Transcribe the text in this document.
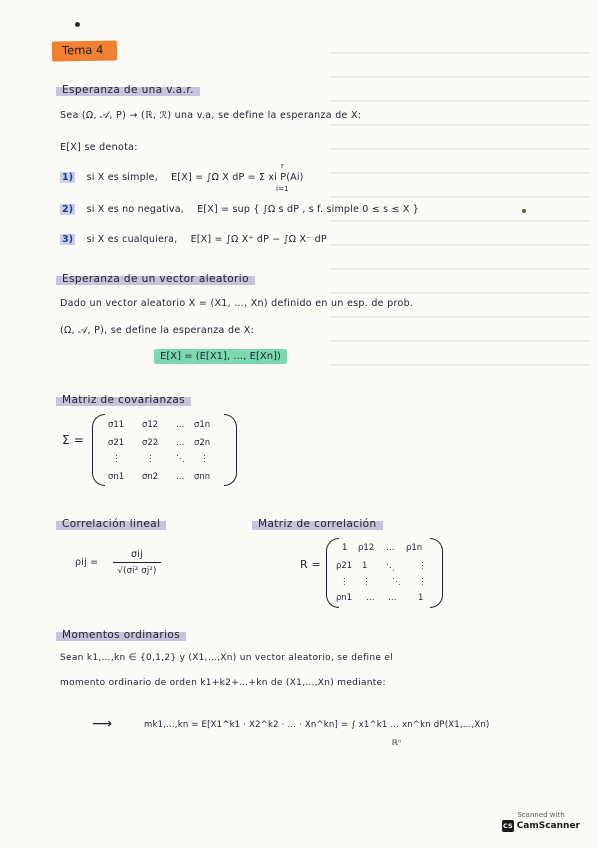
Tema 4
Esperanza de una v.a.r.
Sea (Ω, 𝒜, P) → (ℝ, ℛ) una v.a, se define la esperanza de X:
E[X] se denota:
1) si X es simple, E[X] = ∫Ω X dP = Σ xi P(Ai)
r
i=1
2) si X es no negativa, E[X] = sup { ∫Ω s dP , s f. simple 0 ≤ s ≤ X }
3) si X es cualquiera, E[X] = ∫Ω X⁺ dP − ∫Ω X⁻ dP
Esperanza de un vector aleatorio
Dado un vector aleatorio X = (X1, …, Xn) definido en un esp. de prob.
(Ω, 𝒜, P), se define la esperanza de X:
E[X] = (E[X1], …, E[Xn])
Matriz de covarianzas
Σ =
σ11 σ12 … σ1n
σ21 σ22 … σ2n
⋮	⋮	⋱ ⋮
σn1 σn2 … σnn
Correlación lineal
ρij =
σij
√(σi² σj²)
Matriz de correlación
R =
1 ρ12 … ρ1n
ρ21 1 ⋱	⋮
⋮ ⋮	⋱ ⋮
ρn1 … …	1
Momentos ordinarios
Sean k1,…,kn ∈ {0,1,2} y (X1,…,Xn) un vector aleatorio, se define el
momento ordinario de orden k1+k2+…+kn de (X1,…,Xn) mediante:
⟶	mk1,…,kn = E[X1^k1 · X2^k2 · … · Xn^kn] = ∫ x1^k1 … xn^kn dP(X1,…,Xn)
ℝⁿ
Scanned with
CS CamScanner
